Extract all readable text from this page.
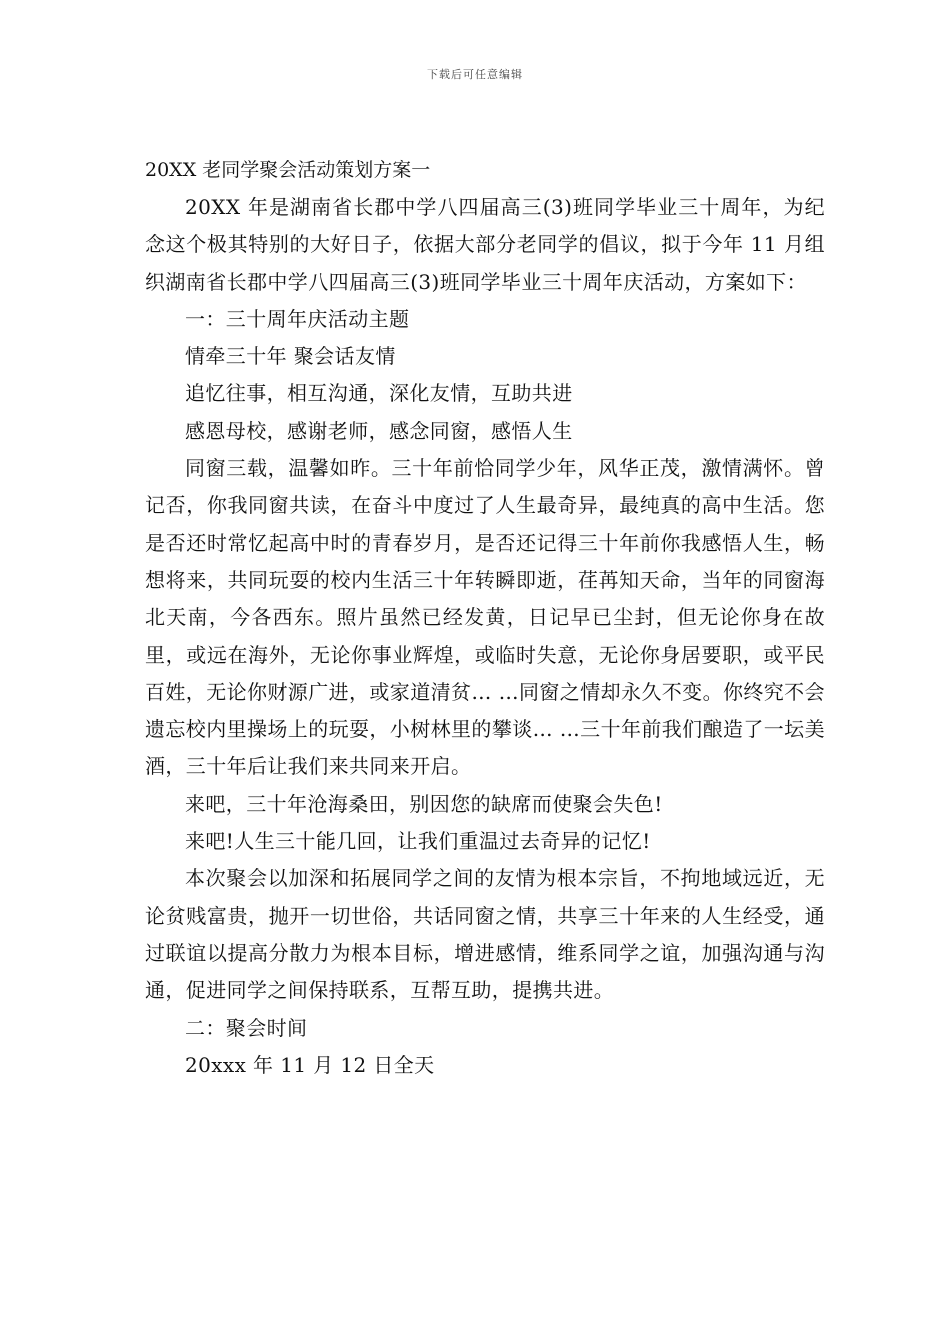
下载后可任意编辑
20XX 老同学聚会活动策划方案一

20XX 年是湖南省长郡中学八四届高三(3)班同学毕业三十周年，为纪念这个极其特别的大好日子，依据大部分老同学的倡议，拟于今年 11 月组织湖南省长郡中学八四届高三(3)班同学毕业三十周年庆活动，方案如下：

一：三十周年庆活动主题

情牵三十年 聚会话友情

追忆往事，相互沟通，深化友情，互助共进

感恩母校，感谢老师，感念同窗，感悟人生

同窗三载，温馨如昨。三十年前恰同学少年，风华正茂，激情满怀。曾记否，你我同窗共读，在奋斗中度过了人生最奇异，最纯真的高中生活。您是否还时常忆起高中时的青春岁月，是否还记得三十年前你我感悟人生，畅想将来，共同玩耍的校内生活三十年转瞬即逝，荏苒知天命，当年的同窗海北天南，今各西东。照片虽然已经发黄，日记早已尘封，但无论你身在故里，或远在海外，无论你事业辉煌，或临时失意，无论你身居要职，或平民百姓，无论你财源广进，或家道清贫… …同窗之情却永久不变。你终究不会遗忘校内里操场上的玩耍，小树林里的攀谈… …三十年前我们酿造了一坛美酒，三十年后让我们来共同来开启。

来吧，三十年沧海桑田，别因您的缺席而使聚会失色!

来吧!人生三十能几回，让我们重温过去奇异的记忆!

本次聚会以加深和拓展同学之间的友情为根本宗旨，不拘地域远近，无论贫贱富贵，抛开一切世俗，共话同窗之情，共享三十年来的人生经受，通过联谊以提高分散力为根本目标，增进感情，维系同学之谊，加强沟通与沟通，促进同学之间保持联系，互帮互助，提携共进。

二：聚会时间

20xxx 年 11 月 12 日全天
